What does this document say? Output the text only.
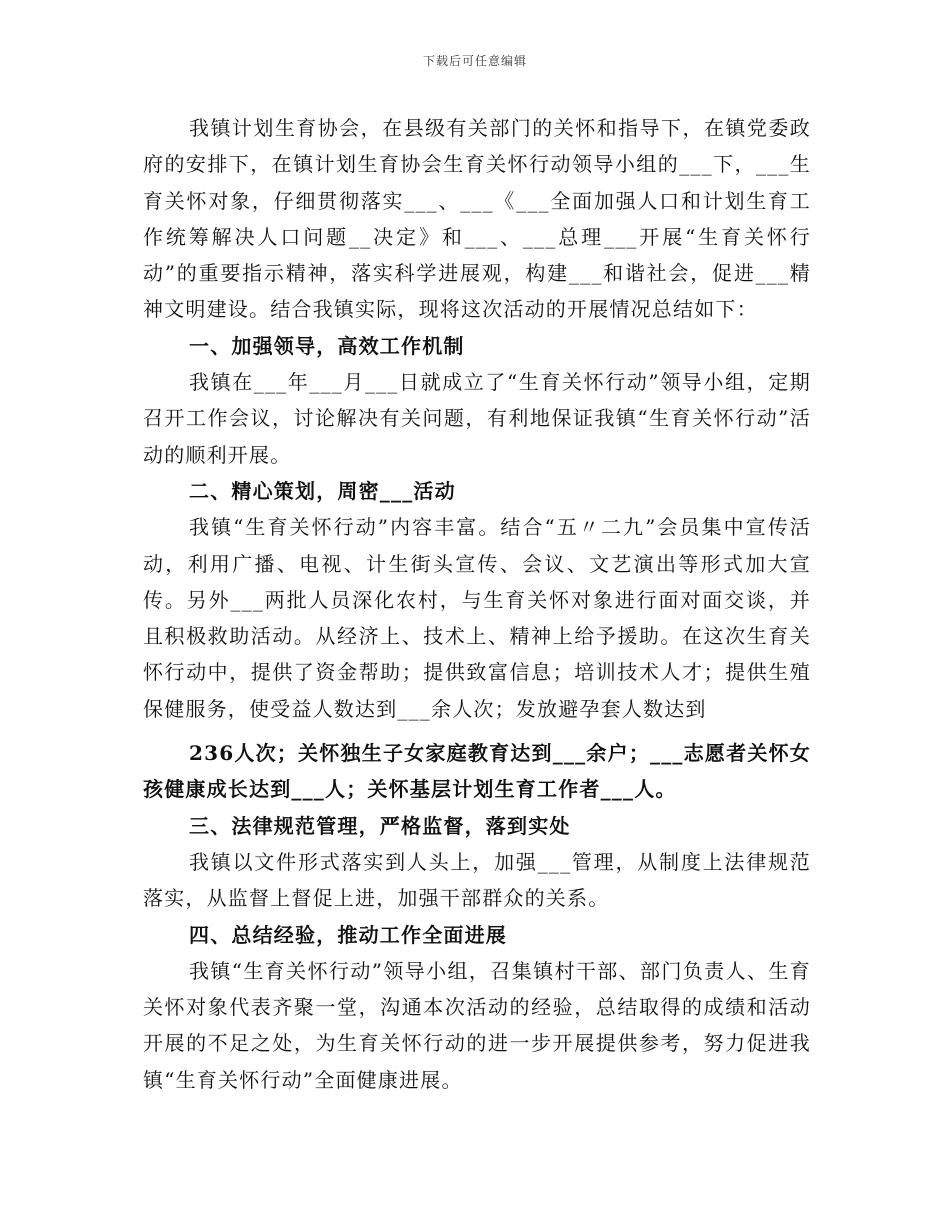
下载后可任意编辑

我镇计划生育协会，在县级有关部门的关怀和指导下，在镇党委政府的安排下，在镇计划生育协会生育关怀行动领导小组的___下，___生育关怀对象，仔细贯彻落实___、___《___全面加强人口和计划生育工作统筹解决人口问题__决定》和___、___总理___开展“生育关怀行动”的重要指示精神，落实科学进展观，构建___和谐社会，促进___精神文明建设。结合我镇实际，现将这次活动的开展情况总结如下：

一、加强领导，高效工作机制

我镇在___年___月___日就成立了“生育关怀行动”领导小组，定期召开工作会议，讨论解决有关问题，有利地保证我镇“生育关怀行动”活动的顺利开展。

二、精心策划，周密___活动

我镇“生育关怀行动”内容丰富。结合“五〃二九”会员集中宣传活动，利用广播、电视、计生街头宣传、会议、文艺演出等形式加大宣传。另外___两批人员深化农村，与生育关怀对象进行面对面交谈，并且积极救助活动。从经济上、技术上、精神上给予援助。在这次生育关怀行动中，提供了资金帮助；提供致富信息；培训技术人才；提供生殖保健服务，使受益人数达到___余人次；发放避孕套人数达到

236人次；关怀独生子女家庭教育达到___余户；___志愿者关怀女孩健康成长达到___人；关怀基层计划生育工作者___人。

三、法律规范管理，严格监督，落到实处

我镇以文件形式落实到人头上，加强___管理，从制度上法律规范落实，从监督上督促上进，加强干部群众的关系。

四、总结经验，推动工作全面进展

我镇“生育关怀行动”领导小组，召集镇村干部、部门负责人、生育关怀对象代表齐聚一堂，沟通本次活动的经验，总结取得的成绩和活动开展的不足之处，为生育关怀行动的进一步开展提供参考，努力促进我镇“生育关怀行动”全面健康进展。
